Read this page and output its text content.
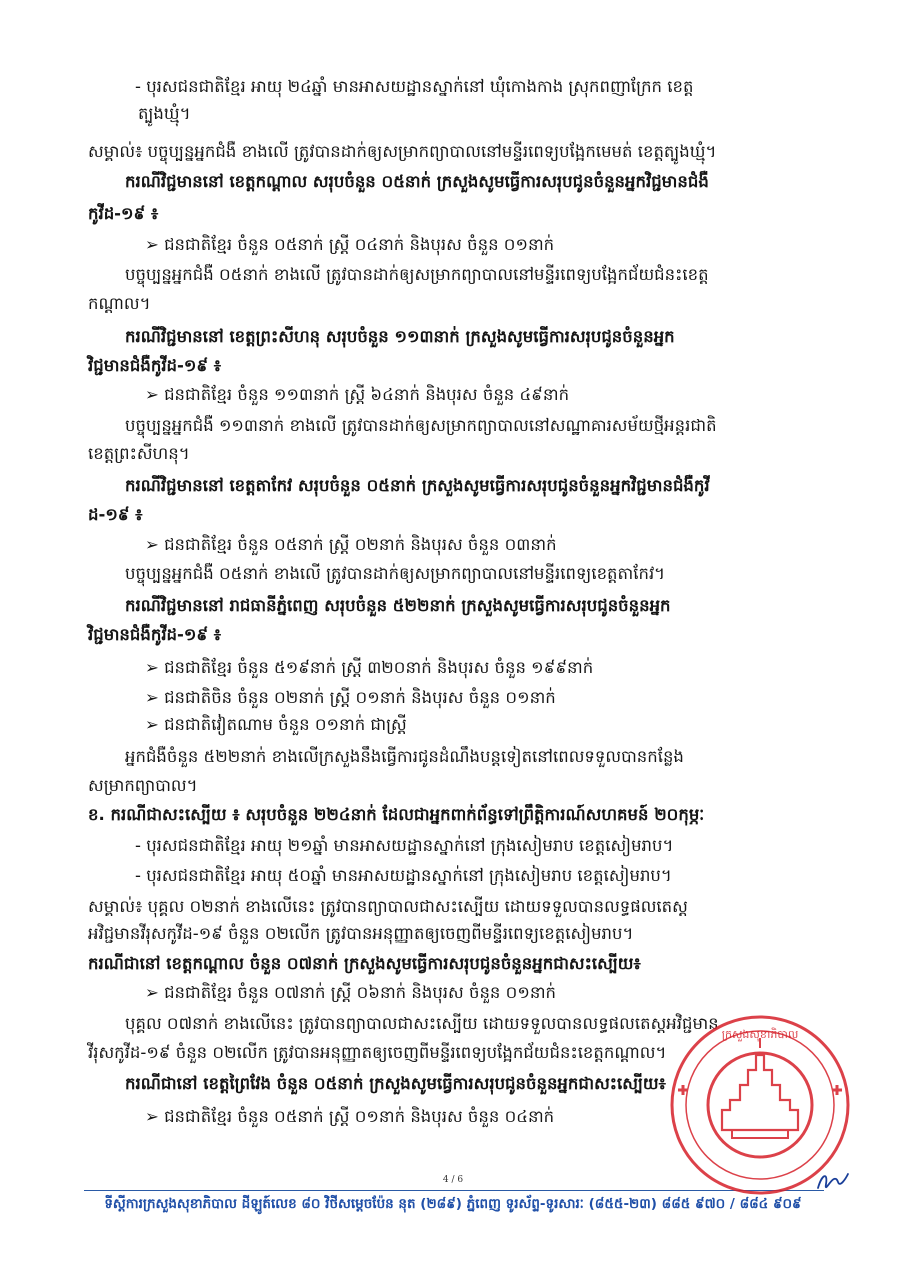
- បុរសជនជាតិខ្មែរ អាយុ ២៤ឆ្នាំ មានអាសយដ្ឋានស្នាក់នៅ ឃុំកោងកាង ស្រុកពញាក្រែក ខេត្ត
ត្បូងឃ្មុំ។
សម្គាល់៖ បច្ចុប្បន្នអ្នកជំងឺ ខាងលើ ត្រូវបានដាក់ឲ្យសម្រាកព្យាបាលនៅមន្ទីរពេទ្យបង្អែកមេមត់ ខេត្តត្បូងឃ្មុំ។
ករណីវិជ្ជមាននៅ ខេត្តកណ្ដាល សរុបចំនួន ០៥នាក់ ក្រសួងសូមធ្វើការសរុបជូនចំនួនអ្នកវិជ្ជមានជំងឺ
កូវីដ-១៩ ៖
➢ ជនជាតិខ្មែរ ចំនួន ០៥នាក់ ស្ត្រី ០៤នាក់ និងបុរស ចំនួន ០១នាក់
បច្ចុប្បន្នអ្នកជំងឺ ០៥នាក់ ខាងលើ ត្រូវបានដាក់ឲ្យសម្រាកព្យាបាលនៅមន្ទីរពេទ្យបង្អែកជ័យជំនះខេត្ត
កណ្ដាល។
ករណីវិជ្ជមាននៅ ខេត្តព្រះសីហនុ សរុបចំនួន ១១៣នាក់ ក្រសួងសូមធ្វើការសរុបជូនចំនួនអ្នក
វិជ្ជមានជំងឺកូវីដ-១៩ ៖
➢ ជនជាតិខ្មែរ ចំនួន ១១៣នាក់ ស្ត្រី ៦៤នាក់ និងបុរស ចំនួន ៤៩នាក់
បច្ចុប្បន្នអ្នកជំងឺ ១១៣នាក់ ខាងលើ ត្រូវបានដាក់ឲ្យសម្រាកព្យាបាលនៅសណ្ឋាគារសម័យថ្មីអន្តរជាតិ
ខេត្តព្រះសីហនុ។
ករណីវិជ្ជមាននៅ ខេត្តតាកែវ សរុបចំនួន ០៥នាក់ ក្រសួងសូមធ្វើការសរុបជូនចំនួនអ្នកវិជ្ជមានជំងឺកូវី
ដ-១៩ ៖
➢ ជនជាតិខ្មែរ ចំនួន ០៥នាក់ ស្ត្រី ០២នាក់ និងបុរស ចំនួន ០៣នាក់
បច្ចុប្បន្នអ្នកជំងឺ ០៥នាក់ ខាងលើ ត្រូវបានដាក់ឲ្យសម្រាកព្យាបាលនៅមន្ទីរពេទ្យខេត្តតាកែវ។
ករណីវិជ្ជមាននៅ រាជធានីភ្នំពេញ សរុបចំនួន ៥២២នាក់ ក្រសួងសូមធ្វើការសរុបជូនចំនួនអ្នក
វិជ្ជមានជំងឺកូវីដ-១៩ ៖
➢ ជនជាតិខ្មែរ ចំនួន ៥១៩នាក់ ស្ត្រី ៣២០នាក់ និងបុរស ចំនួន ១៩៩នាក់
➢ ជនជាតិចិន ចំនួន ០២នាក់ ស្ត្រី ០១នាក់ និងបុរស ចំនួន ០១នាក់
➢ ជនជាតិវៀតណាម ចំនួន ០១នាក់ ជាស្ត្រី
អ្នកជំងឺចំនួន ៥២២នាក់ ខាងលើក្រសួងនឹងធ្វើការជូនដំណឹងបន្តទៀតនៅពេលទទួលបានកន្លែង
សម្រាកព្យាបាល។
ខ. ករណីជាសះស្បើយ ៖ សរុបចំនួន ២២៤នាក់ ដែលជាអ្នកពាក់ព័ន្ធទៅព្រឹត្តិការណ៍សហគមន៍ ២០កុម្ភៈ
- បុរសជនជាតិខ្មែរ អាយុ ២១ឆ្នាំ មានអាសយដ្ឋានស្នាក់នៅ ក្រុងសៀមរាប ខេត្តសៀមរាប។
- បុរសជនជាតិខ្មែរ អាយុ ៥០ឆ្នាំ មានអាសយដ្ឋានស្នាក់នៅ ក្រុងសៀមរាប ខេត្តសៀមរាប។
សម្គាល់៖ បុគ្គល ០២នាក់ ខាងលើនេះ ត្រូវបានព្យាបាលជាសះស្បើយ ដោយទទួលបានលទ្ធផលតេស្ត
អវិជ្ជមានវីរុសកូវីដ-១៩ ចំនួន ០២លើក ត្រូវបានអនុញ្ញាតឲ្យចេញពីមន្ទីរពេទ្យខេត្តសៀមរាប។
ករណីជានៅ ខេត្តកណ្ដាល ចំនួន ០៧នាក់ ក្រសួងសូមធ្វើការសរុបជូនចំនួនអ្នកជាសះស្បើយ៖
➢ ជនជាតិខ្មែរ ចំនួន ០៧នាក់ ស្ត្រី ០៦នាក់ និងបុរស ចំនួន ០១នាក់
បុគ្គល ០៧នាក់ ខាងលើនេះ ត្រូវបានព្យាបាលជាសះស្បើយ ដោយទទួលបានលទ្ធផលតេស្តអវិជ្ជមាន
វីរុសកូវីដ-១៩ ចំនួន ០២លើក ត្រូវបានអនុញ្ញាតឲ្យចេញពីមន្ទីរពេទ្យបង្អែកជ័យជំនះខេត្តកណ្ដាល។
ករណីជានៅ ខេត្តព្រៃវែង ចំនួន ០៥នាក់ ក្រសួងសូមធ្វើការសរុបជូនចំនួនអ្នកជាសះស្បើយ៖
➢ ជនជាតិខ្មែរ ចំនួន ០៥នាក់ ស្ត្រី ០១នាក់ និងបុរស ចំនួន ០៤នាក់
4 / 6
ទីស្ដីការក្រសួងសុខាភិបាល ដីឡូត៍លេខ ៨០ វិថីសម្ដេចប៉ែន នុត (២៨៩) ភ្នំពេញ ទូរស័ព្ទ-ទូរសារៈ (៨៥៥-២៣) ៨៨៥ ៩៧០ / ៨៨៤ ៩០៩
ក្រសួងសុខាភិបាល
